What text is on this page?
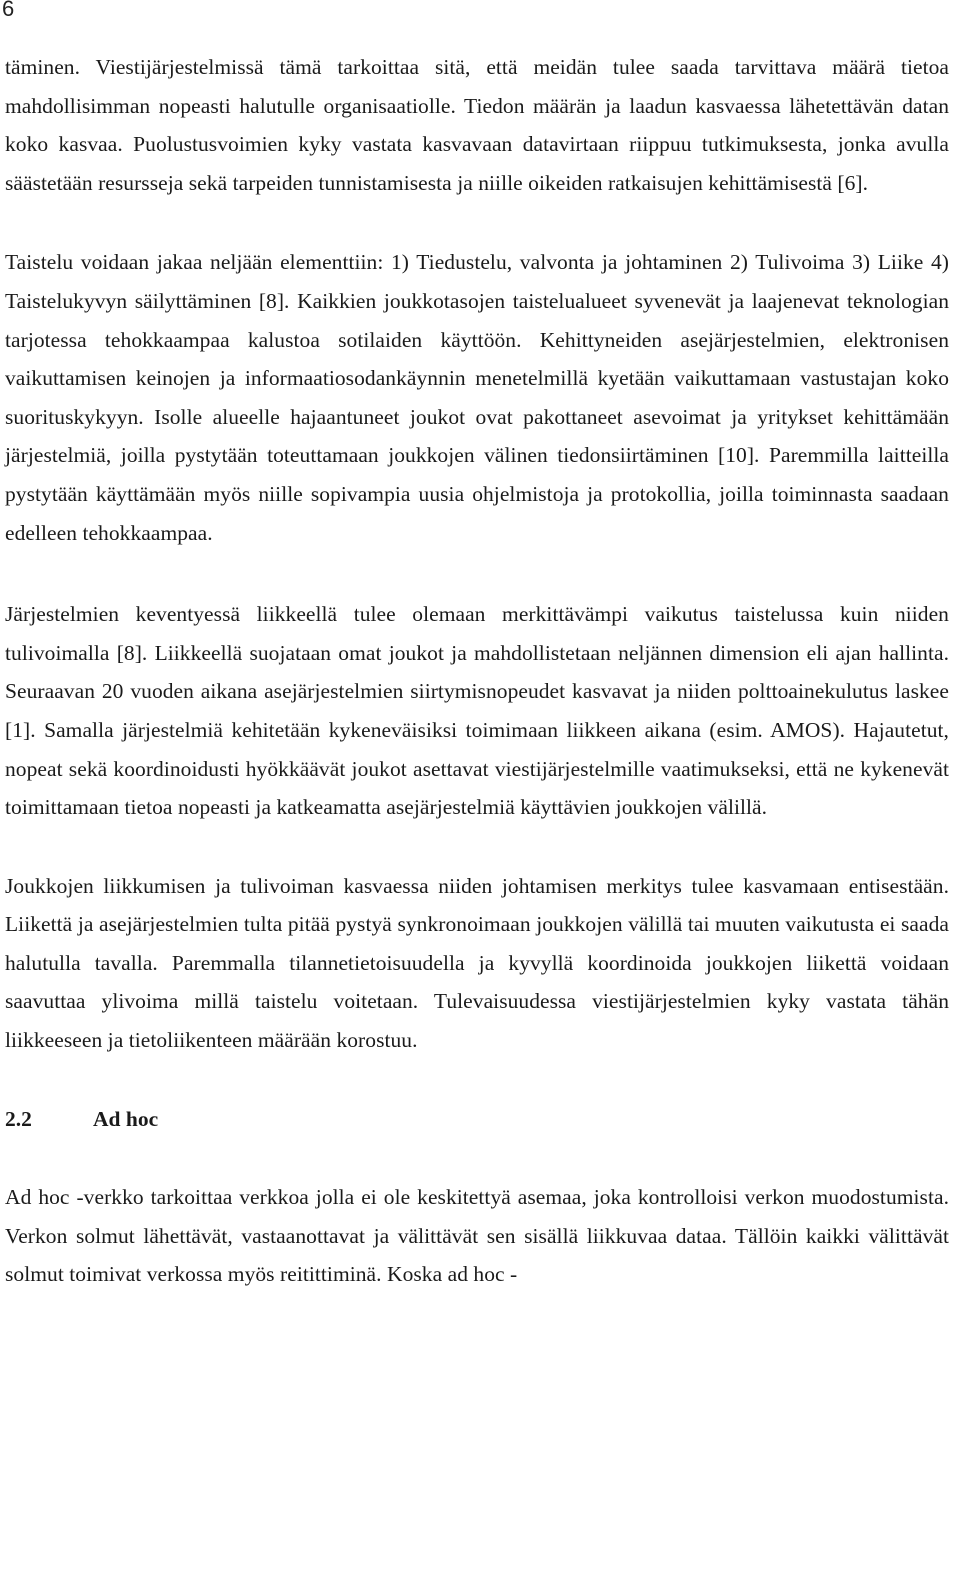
6

täminen. Viestijärjestelmissä tämä tarkoittaa sitä, että meidän tulee saada tarvittava määrä tietoa mahdollisimman nopeasti halutulle organisaatiolle. Tiedon määrän ja laadun kasvaessa lähetettävän datan koko kasvaa. Puolustusvoimien kyky vastata kasvavaan datavirtaan riippuu tutkimuksesta, jonka avulla säästetään resursseja sekä tarpeiden tunnistamisesta ja niille oikeiden ratkaisujen kehittämisestä [6].

Taistelu voidaan jakaa neljään elementtiin: 1) Tiedustelu, valvonta ja johtaminen 2) Tulivoima 3) Liike 4) Taistelukyvyn säilyttäminen [8]. Kaikkien joukkotasojen taistelualueet syvenevät ja laajenevat teknologian tarjotessa tehokkaampaa kalustoa sotilaiden käyttöön. Kehittyneiden asejärjestelmien, elektronisen vaikuttamisen keinojen ja informaatiosodankäynnin menetelmillä kyetään vaikuttamaan vastustajan koko suorituskykyyn. Isolle alueelle hajaantuneet joukot ovat pakottaneet asevoimat ja yritykset kehittämään järjestelmiä, joilla pystytään toteuttamaan joukkojen välinen tiedonsiirtäminen [10]. Paremmilla laitteilla pystytään käyttämään myös niille sopivampia uusia ohjelmistoja ja protokollia, joilla toiminnasta saadaan edelleen tehokkaampaa.

Järjestelmien keventyessä liikkeellä tulee olemaan merkittävämpi vaikutus taistelussa kuin niiden tulivoimalla [8]. Liikkeellä suojataan omat joukot ja mahdollistetaan neljännen dimension eli ajan hallinta. Seuraavan 20 vuoden aikana asejärjestelmien siirtymisnopeudet kasvavat ja niiden polttoainekulutus laskee [1]. Samalla järjestelmiä kehitetään kykeneväisiksi toimimaan liikkeen aikana (esim. AMOS). Hajautetut, nopeat sekä koordinoidusti hyökkäävät joukot asettavat viestijärjestelmille vaatimukseksi, että ne kykenevät toimittamaan tietoa nopeasti ja katkeamatta asejärjestelmiä käyttävien joukkojen välillä.

Joukkojen liikkumisen ja tulivoiman kasvaessa niiden johtamisen merkitys tulee kasvamaan entisestään. Liikettä ja asejärjestelmien tulta pitää pystyä synkronoimaan joukkojen välillä tai muuten vaikutusta ei saada halutulla tavalla. Paremmalla tilannetietoisuudella ja kyvyllä koordinoida joukkojen liikettä voidaan saavuttaa ylivoima millä taistelu voitetaan. Tulevaisuudessa viestijärjestelmien kyky vastata tähän liikkeeseen ja tietoliikenteen määrään korostuu.

2.2	Ad hoc

Ad hoc -verkko tarkoittaa verkkoa jolla ei ole keskitettyä asemaa, joka kontrolloisi verkon muodostumista. Verkon solmut lähettävät, vastaanottavat ja välittävät sen sisällä liikkuvaa dataa. Tällöin kaikki välittävät solmut toimivat verkossa myös reitittiminä. Koska ad hoc -
